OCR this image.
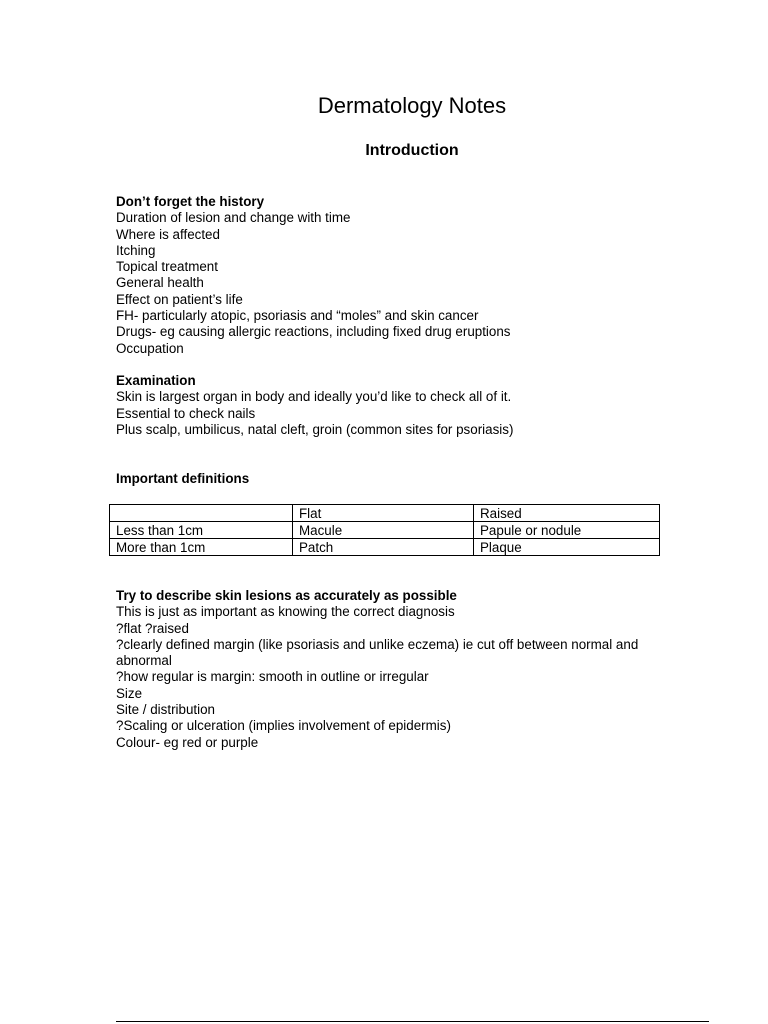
Dermatology Notes
Introduction
Don’t forget the history
Duration of lesion and change with time
Where is affected
Itching
Topical treatment
General health
Effect on patient’s life
FH- particularly atopic, psoriasis and “moles” and skin cancer
Drugs- eg causing allergic reactions, including fixed drug eruptions
Occupation
Examination
Skin is largest organ in body and ideally you’d like to check all of it.
Essential to check nails
Plus scalp, umbilicus, natal cleft, groin (common sites for psoriasis)
Important definitions
	Flat	Raised
Less than 1cm	Macule	Papule or nodule
More than 1cm	Patch	Plaque
Try to describe skin lesions as accurately as possible
This is just as important as knowing the correct diagnosis
?flat ?raised
?clearly defined margin (like psoriasis and unlike eczema) ie cut off between normal and abnormal
?how regular is margin: smooth in outline or irregular
Size
Site / distribution
?Scaling or ulceration (implies involvement of epidermis)
Colour- eg red or purple
